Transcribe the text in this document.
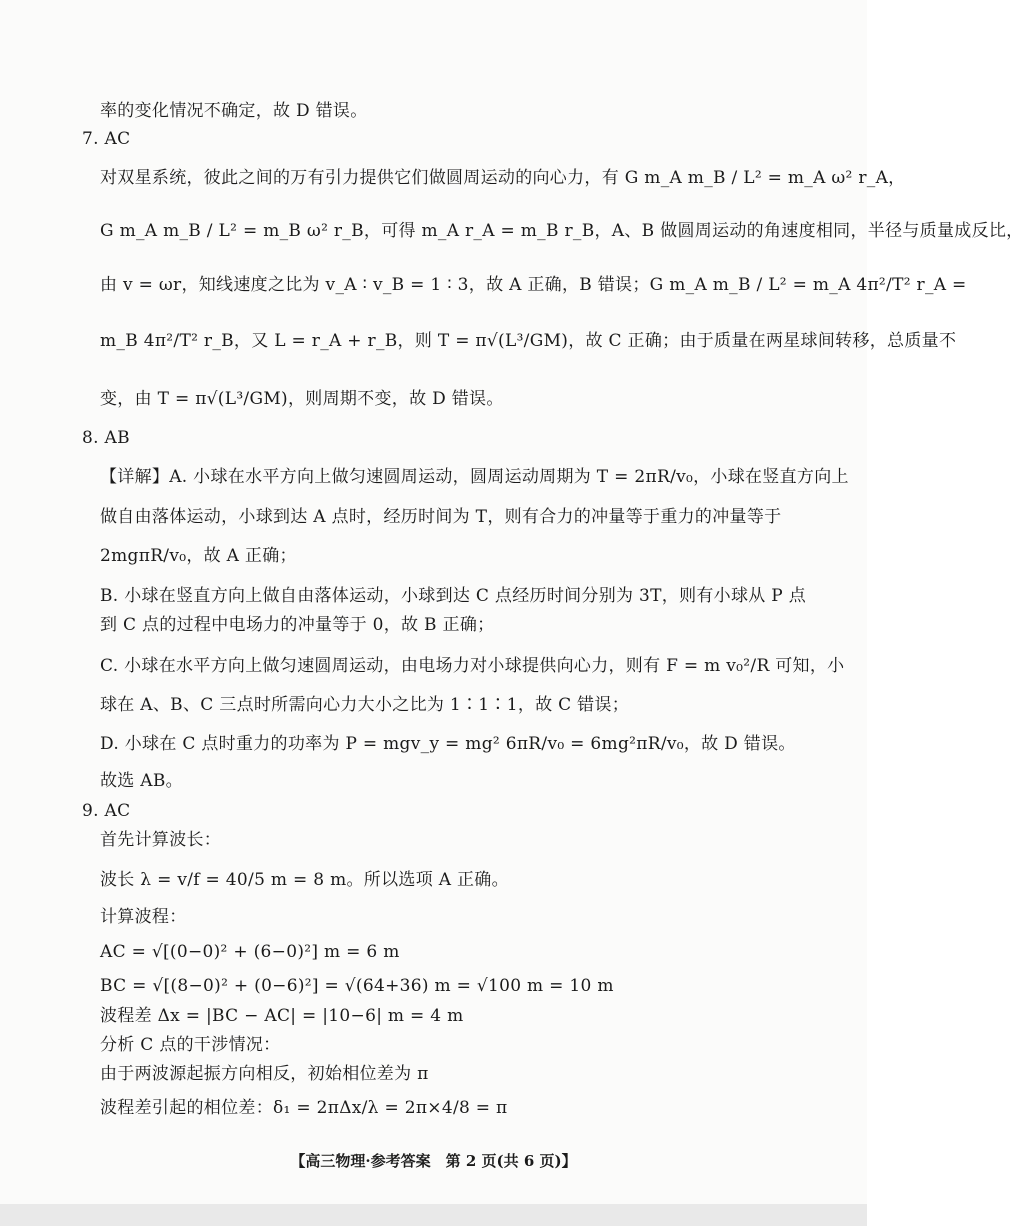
率的变化情况不确定，故 D 错误。
7. AC
对双星系统，彼此之间的万有引力提供它们做圆周运动的向心力，有 G m_A m_B / L² = m_A ω² r_A，
G m_A m_B / L² = m_B ω² r_B，可得 m_A r_A = m_B r_B，A、B 做圆周运动的角速度相同，半径与质量成反比，
由 v = ωr，知线速度之比为 v_A ∶ v_B = 1 ∶ 3，故 A 正确，B 错误；G m_A m_B / L² = m_A 4π²/T² r_A =
m_B 4π²/T² r_B，又 L = r_A + r_B，则 T = π√(L³/GM)，故 C 正确；由于质量在两星球间转移，总质量不
变，由 T = π√(L³/GM)，则周期不变，故 D 错误。
8. AB
【详解】A. 小球在水平方向上做匀速圆周运动，圆周运动周期为 T = 2πR/v₀，小球在竖直方向上
做自由落体运动，小球到达 A 点时，经历时间为 T，则有合力的冲量等于重力的冲量等于
2mgπR/v₀，故 A 正确；
B. 小球在竖直方向上做自由落体运动，小球到达 C 点经历时间分别为 3T，则有小球从 P 点
到 C 点的过程中电场力的冲量等于 0，故 B 正确；
C. 小球在水平方向上做匀速圆周运动，由电场力对小球提供向心力，则有 F = m v₀²/R 可知，小
球在 A、B、C 三点时所需向心力大小之比为 1∶1∶1，故 C 错误；
D. 小球在 C 点时重力的功率为 P = mgv_y = mg² 6πR/v₀ = 6mg²πR/v₀，故 D 错误。
故选 AB。
9. AC
首先计算波长：
波长 λ = v/f = 40/5 m = 8 m。所以选项 A 正确。
计算波程：
AC = √[(0−0)² + (6−0)²] m = 6 m
BC = √[(8−0)² + (0−6)²] = √(64+36) m = √100 m = 10 m
波程差 Δx = |BC − AC| = |10−6| m = 4 m
分析 C 点的干涉情况：
由于两波源起振方向相反，初始相位差为 π
波程差引起的相位差：δ₁ = 2πΔx/λ = 2π×4/8 = π
【高三物理·参考答案　第 2 页(共 6 页)】
